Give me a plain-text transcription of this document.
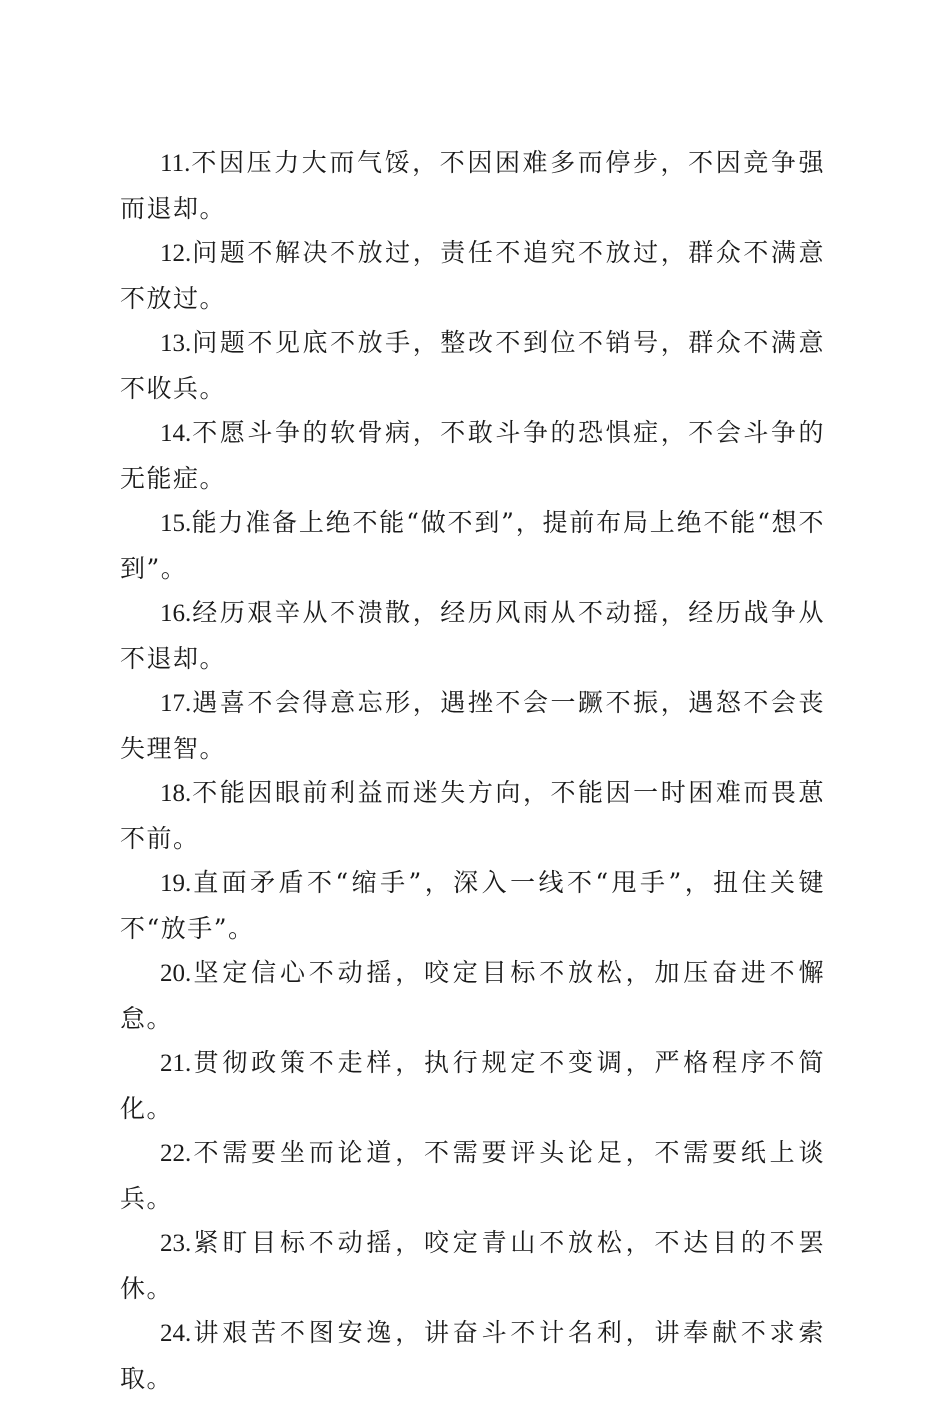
11.不因压力大而气馁，不因困难多而停步，不因竞争强而退却。

12.问题不解决不放过，责任不追究不放过，群众不满意不放过。

13.问题不见底不放手，整改不到位不销号，群众不满意不收兵。

14.不愿斗争的软骨病，不敢斗争的恐惧症，不会斗争的无能症。

15.能力准备上绝不能“做不到”，提前布局上绝不能“想不到”。

16.经历艰辛从不溃散，经历风雨从不动摇，经历战争从不退却。

17.遇喜不会得意忘形，遇挫不会一蹶不振，遇怒不会丧失理智。

18.不能因眼前利益而迷失方向，不能因一时困难而畏葸不前。

19.直面矛盾不“缩手”，深入一线不“甩手”，扭住关键不“放手”。

20.坚定信心不动摇，咬定目标不放松，加压奋进不懈怠。

21.贯彻政策不走样，执行规定不变调，严格程序不简化。

22.不需要坐而论道，不需要评头论足，不需要纸上谈兵。

23.紧盯目标不动摇，咬定青山不放松，不达目的不罢休。

24.讲艰苦不图安逸，讲奋斗不计名利，讲奉献不求索取。
